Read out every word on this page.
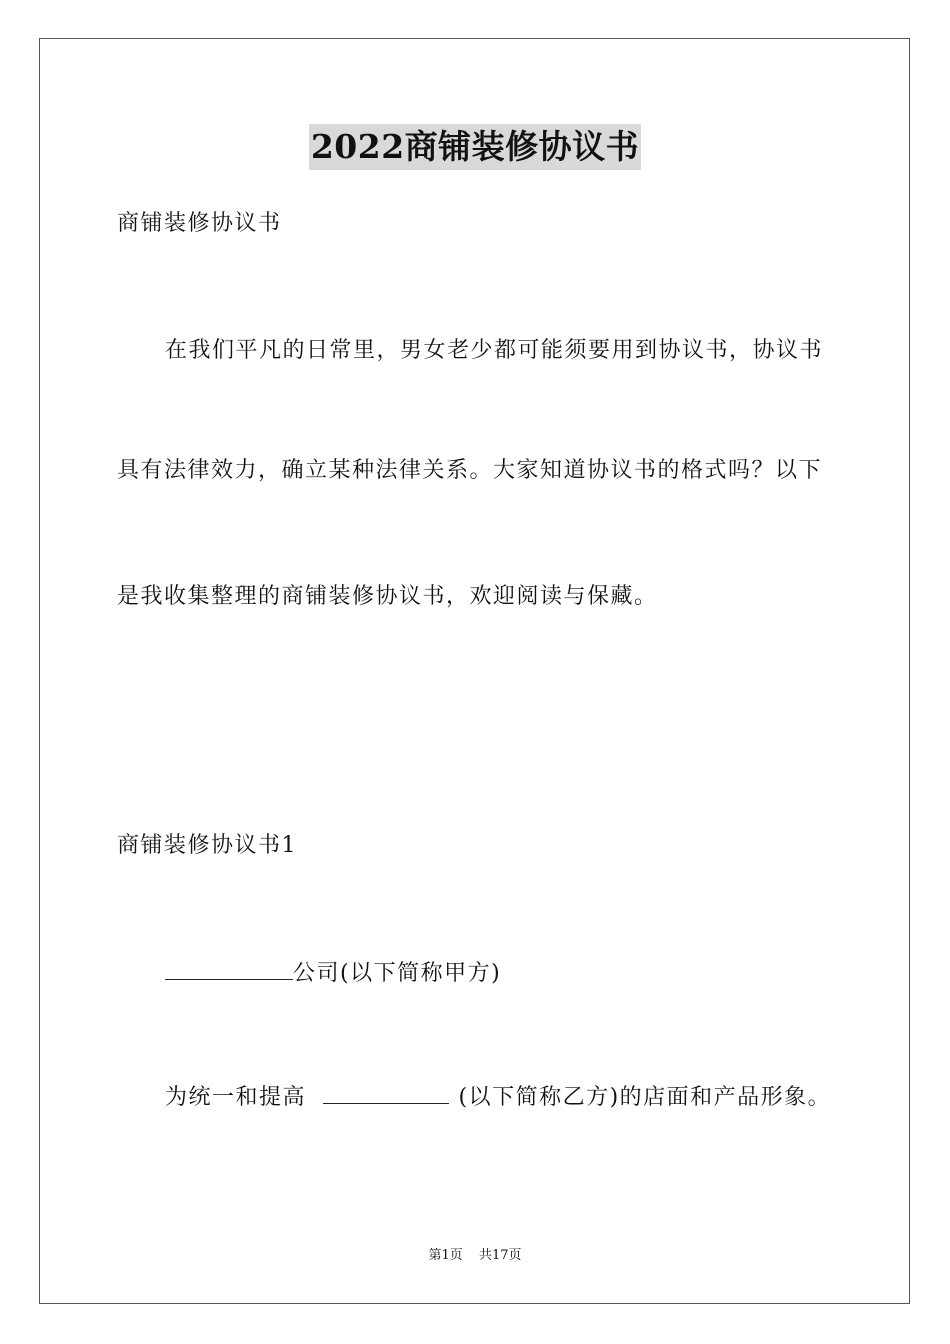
2022商铺装修协议书
商铺装修协议书
在我们平凡的日常里，男女老少都可能须要用到协议书，协议书
具有法律效力，确立某种法律关系。大家知道协议书的格式吗？以下
是我收集整理的商铺装修协议书，欢迎阅读与保藏。
商铺装修协议书1
公司(以下简称甲方)
为统一和提高	(以下简称乙方)的店面和产品形象。
第1页 共17页
